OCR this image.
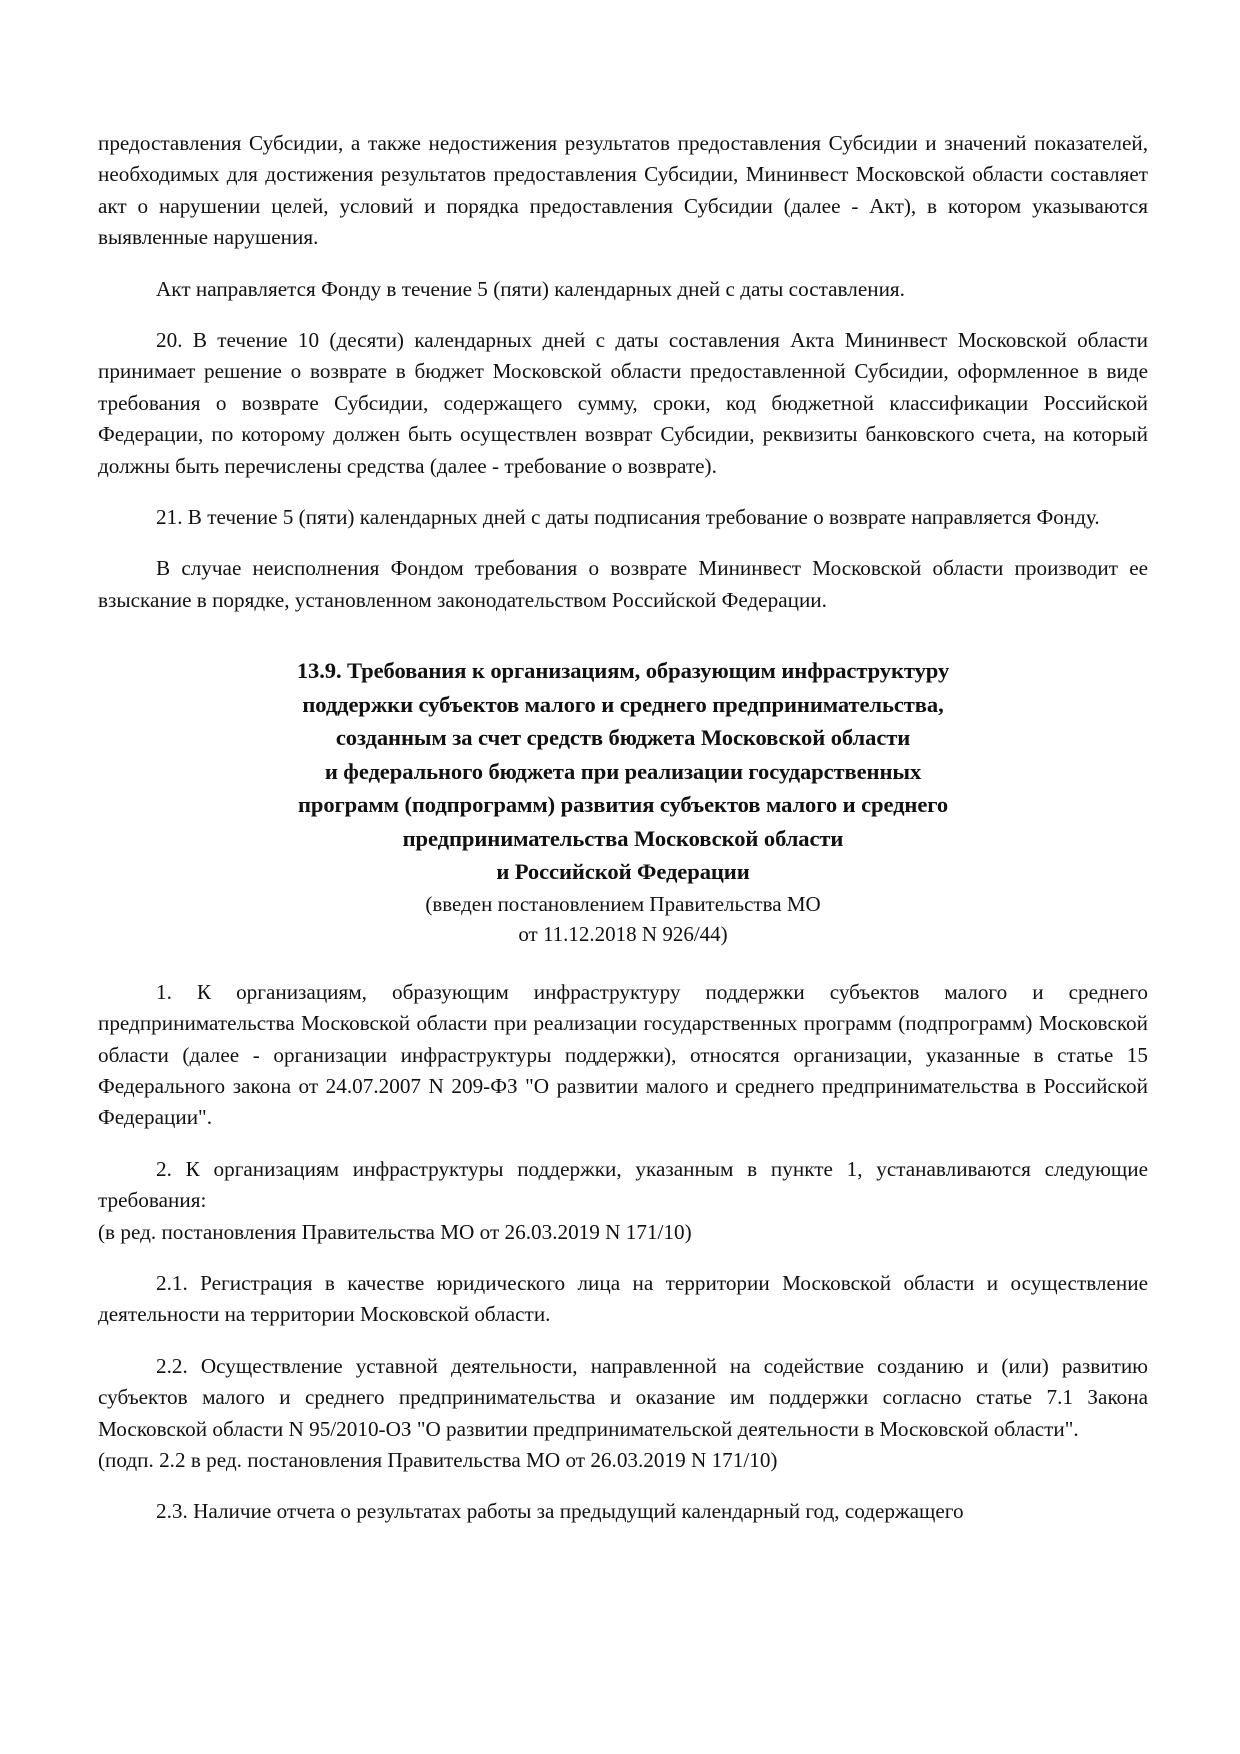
предоставления Субсидии, а также недостижения результатов предоставления Субсидии и значений показателей, необходимых для достижения результатов предоставления Субсидии, Мининвест Московской области составляет акт о нарушении целей, условий и порядка предоставления Субсидии (далее - Акт), в котором указываются выявленные нарушения.

Акт направляется Фонду в течение 5 (пяти) календарных дней с даты составления.

20. В течение 10 (десяти) календарных дней с даты составления Акта Мининвест Московской области принимает решение о возврате в бюджет Московской области предоставленной Субсидии, оформленное в виде требования о возврате Субсидии, содержащего сумму, сроки, код бюджетной классификации Российской Федерации, по которому должен быть осуществлен возврат Субсидии, реквизиты банковского счета, на который должны быть перечислены средства (далее - требование о возврате).

21. В течение 5 (пяти) календарных дней с даты подписания требование о возврате направляется Фонду.

В случае неисполнения Фондом требования о возврате Мининвест Московской области производит ее взыскание в порядке, установленном законодательством Российской Федерации.

13.9. Требования к организациям, образующим инфраструктуру
поддержки субъектов малого и среднего предпринимательства,
созданным за счет средств бюджета Московской области
и федерального бюджета при реализации государственных
программ (подпрограмм) развития субъектов малого и среднего
предпринимательства Московской области
и Российской Федерации
(введен постановлением Правительства МО
от 11.12.2018 N 926/44)

1. К организациям, образующим инфраструктуру поддержки субъектов малого и среднего предпринимательства Московской области при реализации государственных программ (подпрограмм) Московской области (далее - организации инфраструктуры поддержки), относятся организации, указанные в статье 15 Федерального закона от 24.07.2007 N 209-ФЗ "О развитии малого и среднего предпринимательства в Российской Федерации".

2. К организациям инфраструктуры поддержки, указанным в пункте 1, устанавливаются следующие требования:

(в ред. постановления Правительства МО от 26.03.2019 N 171/10)

2.1. Регистрация в качестве юридического лица на территории Московской области и осуществление деятельности на территории Московской области.

2.2. Осуществление уставной деятельности, направленной на содействие созданию и (или) развитию субъектов малого и среднего предпринимательства и оказание им поддержки согласно статье 7.1 Закона Московской области N 95/2010-ОЗ "О развитии предпринимательской деятельности в Московской области".

(подп. 2.2 в ред. постановления Правительства МО от 26.03.2019 N 171/10)

2.3. Наличие отчета о результатах работы за предыдущий календарный год, содержащего
